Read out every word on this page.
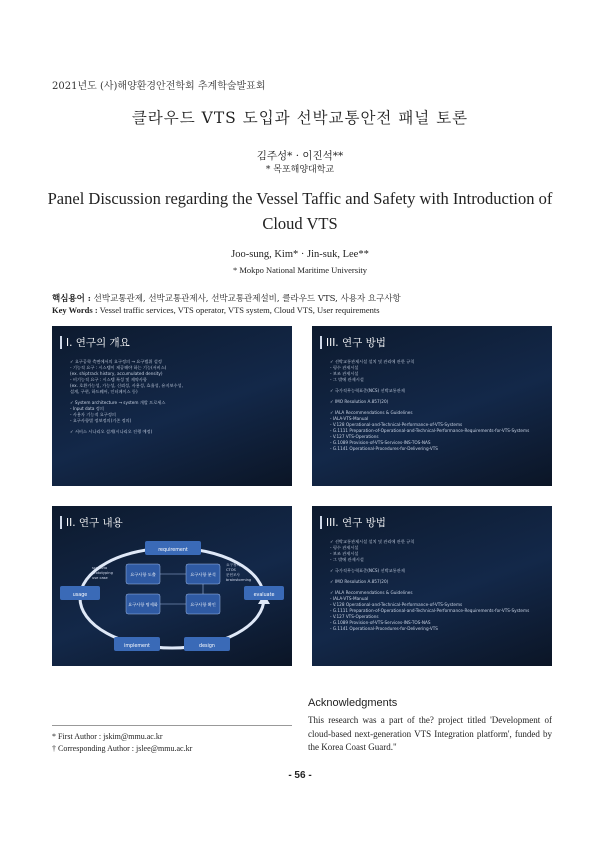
2021년도 (사)해양환경안전학회 추계학술발표회
클라우드 VTS 도입과 선박교통안전 패널 토론
김주성* · 이진석**
* 목포해양대학교
Panel Discussion regarding the Vessel Taffic and Safety with Introduction of Cloud VTS
Joo-sung, Kim* · Jin-suk, Lee**
* Mokpo National Maritime University
핵심용어 : 선박교통관제, 선박교통관제사, 선박교통관제설비, 클라우드 VTS, 사용자 요구사항
Key Words : Vessel traffic services, VTS operator, VTS system, Cloud VTS, User requirements
I. 연구의 개요
✓ 요구공학 측면에서의 요구정의 → 요구범위 설정
- 기능적 요구 : 시스템이 제공해야 하는 기능(서비스)
(ex. shiptrack history, accumulated density)
- 비기능적 요구 : 시스템 특성 및 제약사항
(ex. 호환가능성, 가능성, 신뢰성, 사용성, 효율성, 유지보수성,
설계, 구현, 하드웨어, 인터페이스 등)
✓ System architecture → system 개발 프로세스
- Input data 정의
- 사용자 기능적 요구정의
- 요구사항별 정보정의(기존 정의)
✓ 서비스 시나리오 설계(시나리오 진행 예정)
III. 연구 방법
✓ 선박교통관제시설 설치 및 관리에 관한 규칙
- 평수 관제시설
- 보조 관제시설
- 그 밖에 관제시설
✓ 국가적무능력표준(NCS) 선박교통관제
✓ IMO Resolution A.857(20)
✓ IALA Recommendations & Guidelines
- IALA-VTS-Manual
- V.128 Operational-and-Technical-Performance-of-VTS-Systems
- G.1111 Preparation-of-Operational-and-Technical-Performance-Requirements-for-VTS-Systems
- V.127 VTS-Operations
- G.1089 Provision-of-VTS-Services-INS-TOS-NAS
- G.1141 Operational-Procedures-for-Delivering-VTS
II. 연구 내용
requirement
usage	evaluate
implement	design
요구사항 도출	요구사항 분석
요구사항 명세화	요구사항 확인
scenario
prototyping
use case
요구정의
CTOS
문헌조사
brainstorming
III. 연구 방법
✓ 선박교통관제시설 설치 및 관리에 관한 규칙
- 평수 관제시설
- 보조 관제시설
- 그 밖에 관제시설
✓ 국가적무능력표준(NCS) 선박교통관제
✓ IMO Resolution A.857(20)
✓ IALA Recommendations & Guidelines
- IALA-VTS-Manual
- V.128 Operational-and-Technical-Performance-of-VTS-Systems
- G.1111 Preparation-of-Operational-and-Technical-Performance-Requirements-for-VTS-Systems
- V.127 VTS-Operations
- G.1089 Provision-of-VTS-Services-INS-TOS-NAS
- G.1141 Operational-Procedures-for-Delivering-VTS
Acknowledgments
This research was a part of the? project titled 'Development of cloud-based next-generation VTS Integration platform', funded by the Korea Coast Guard."
* First Author : jskim@mmu.ac.kr
† Corresponding Author : jslee@mmu.ac.kr
- 56 -
